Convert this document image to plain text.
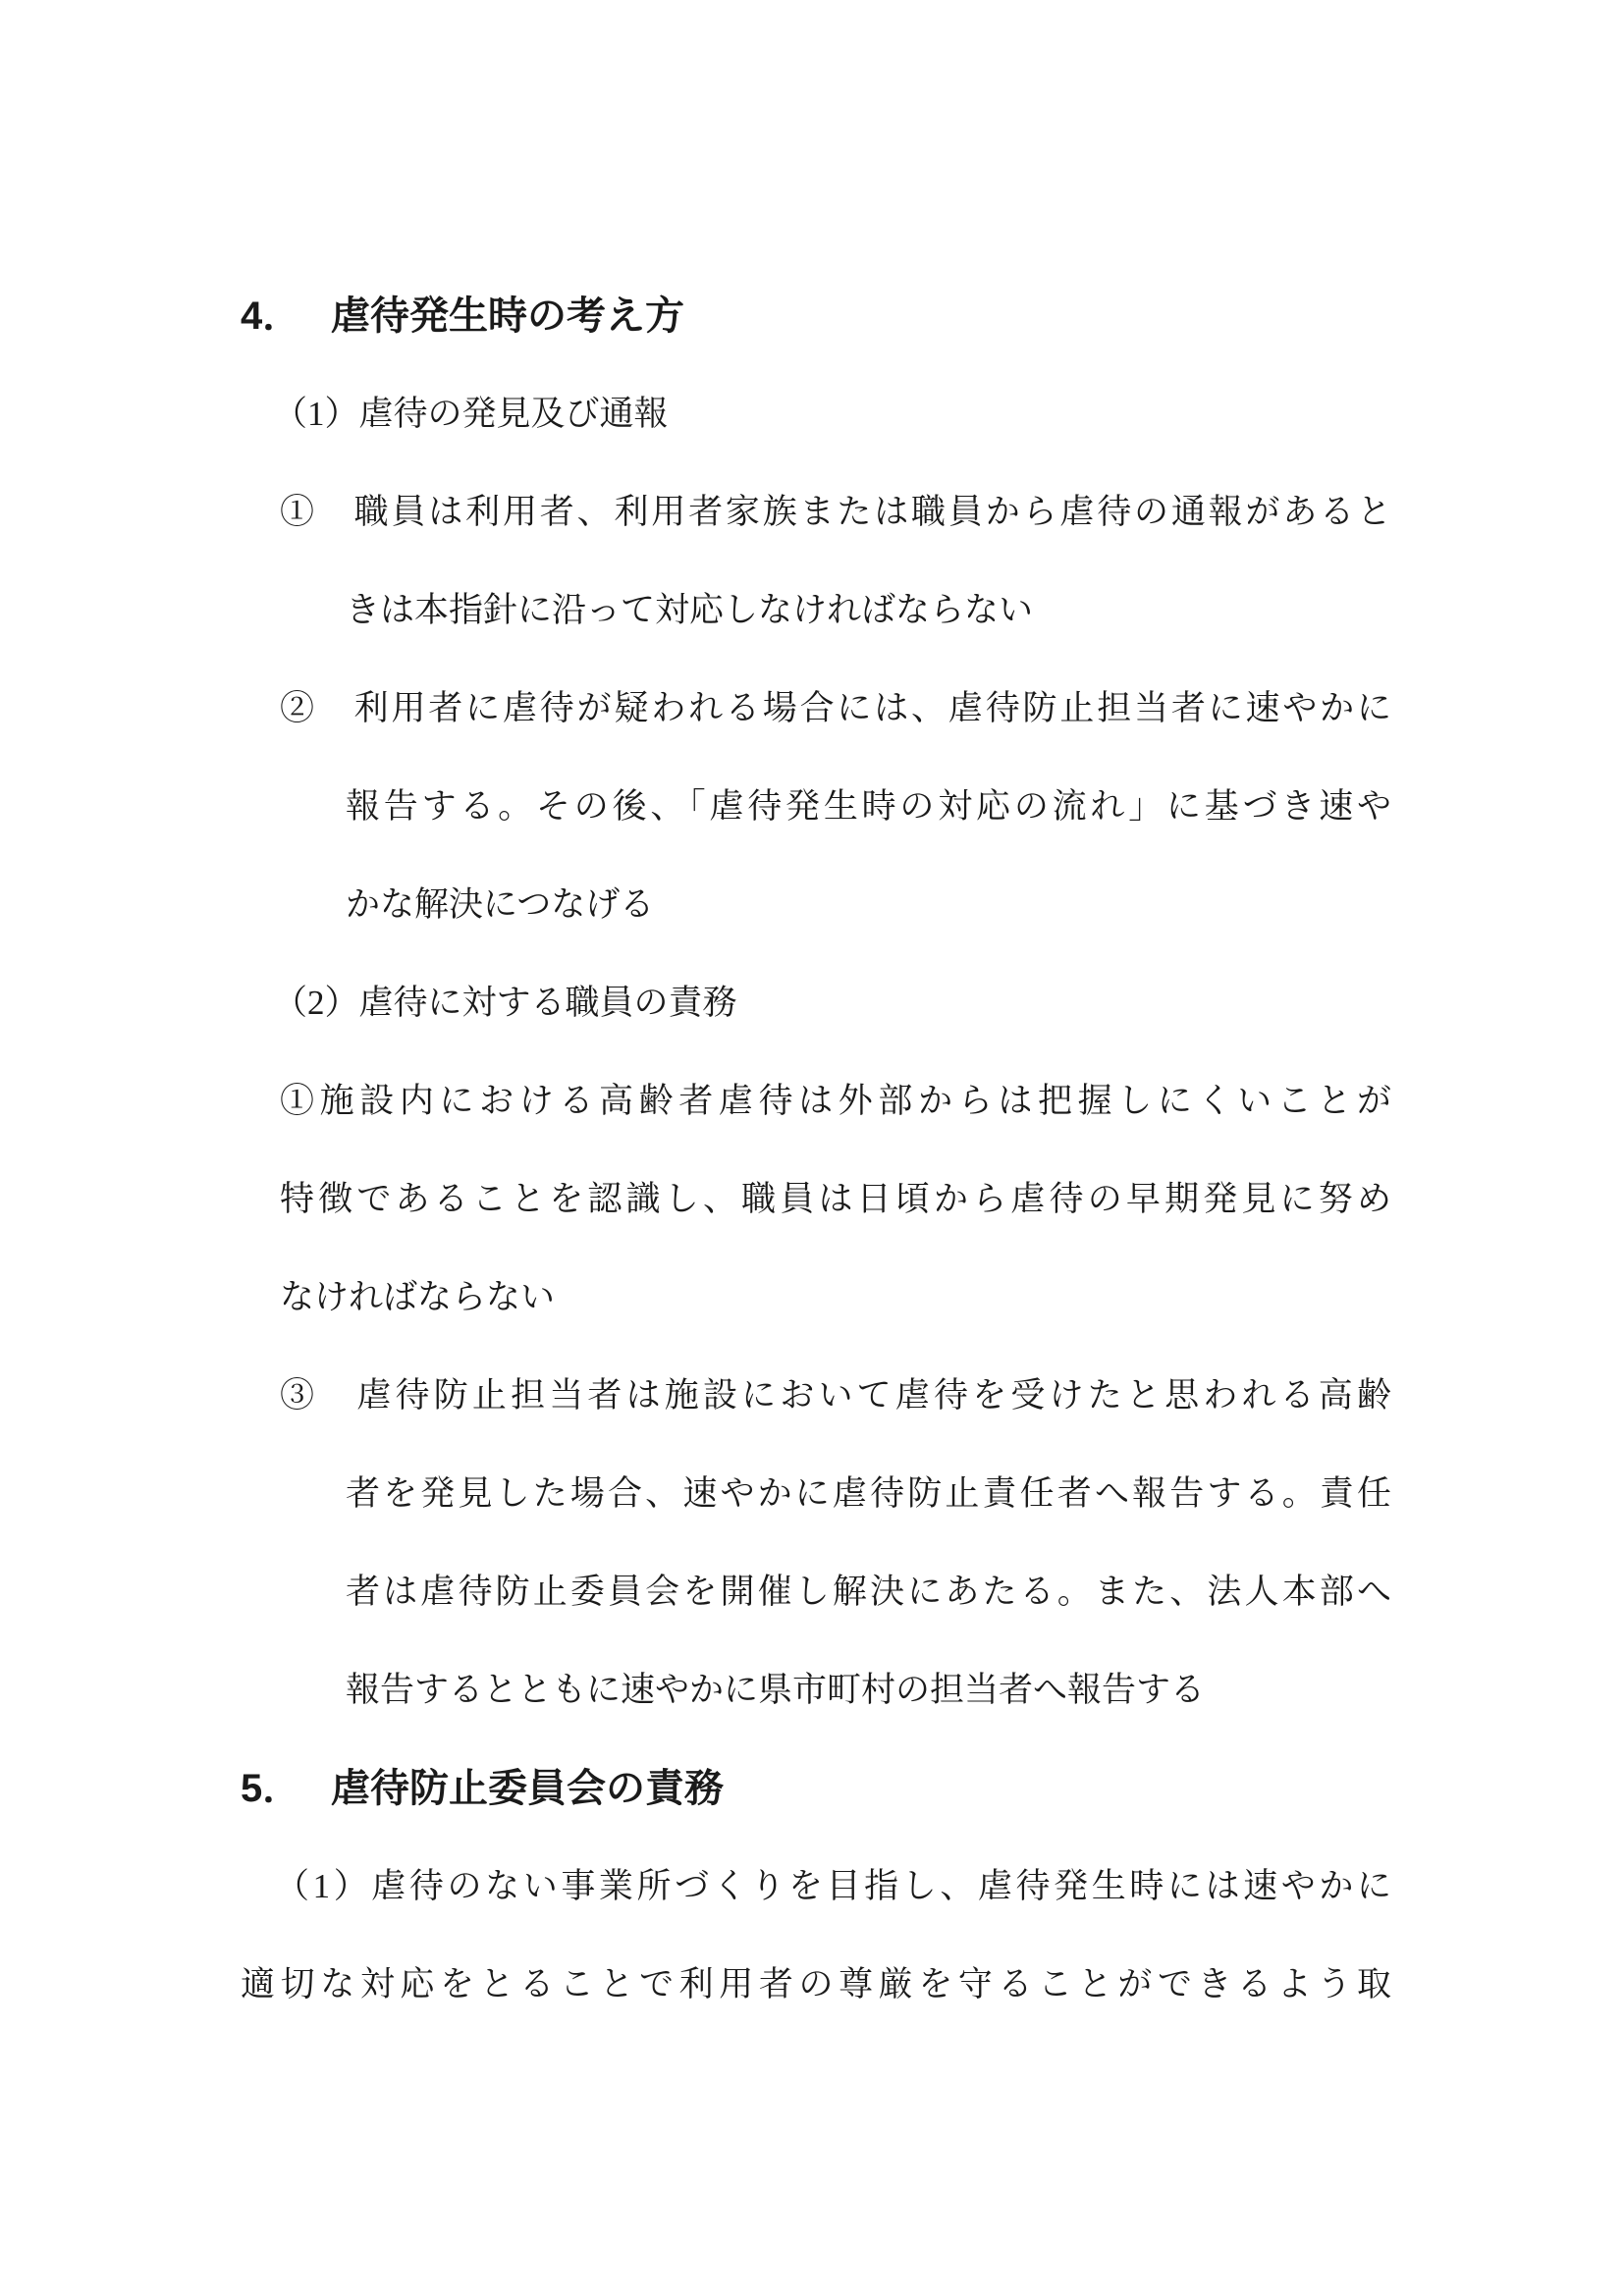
4． 虐待発生時の考え方
（1）虐待の発見及び通報
①　職員は利用者、利用者家族または職員から虐待の通報があると
きは本指針に沿って対応しなければならない
②　利用者に虐待が疑われる場合には、虐待防止担当者に速やかに
報告する。その後、「虐待発生時の対応の流れ」に基づき速や
かな解決につなげる
（2）虐待に対する職員の責務
①施設内における高齢者虐待は外部からは把握しにくいことが
特徴であることを認識し、職員は日頃から虐待の早期発見に努め
なければならない
③　虐待防止担当者は施設において虐待を受けたと思われる高齢
者を発見した場合、速やかに虐待防止責任者へ報告する。責任
者は虐待防止委員会を開催し解決にあたる。また、法人本部へ
報告するとともに速やかに県市町村の担当者へ報告する
5． 虐待防止委員会の責務
（1）虐待のない事業所づくりを目指し、虐待発生時には速やかに
適切な対応をとることで利用者の尊厳を守ることができるよう取
